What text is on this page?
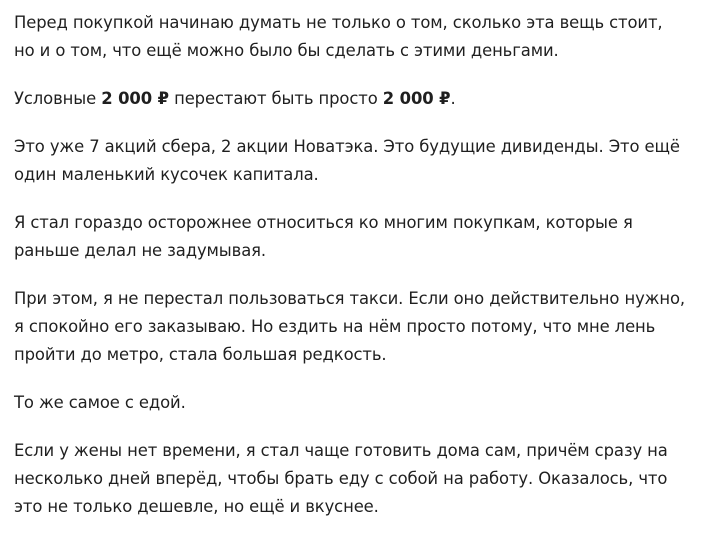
Перед покупкой начинаю думать не только о том, сколько эта вещь стоит, но и о том, что ещё можно было бы сделать с этими деньгами.

Условные 2 000 ₽ перестают быть просто 2 000 ₽.

Это уже 7 акций сбера, 2 акции Новатэка. Это будущие дивиденды. Это ещё один маленький кусочек капитала.

Я стал гораздо осторожнее относиться ко многим покупкам, которые я раньше делал не задумывая.

При этом, я не перестал пользоваться такси. Если оно действительно нужно, я спокойно его заказываю. Но ездить на нём просто потому, что мне лень пройти до метро, стала большая редкость.

То же самое с едой.

Если у жены нет времени, я стал чаще готовить дома сам, причём сразу на несколько дней вперёд, чтобы брать еду с собой на работу. Оказалось, что это не только дешевле, но ещё и вкуснее.
